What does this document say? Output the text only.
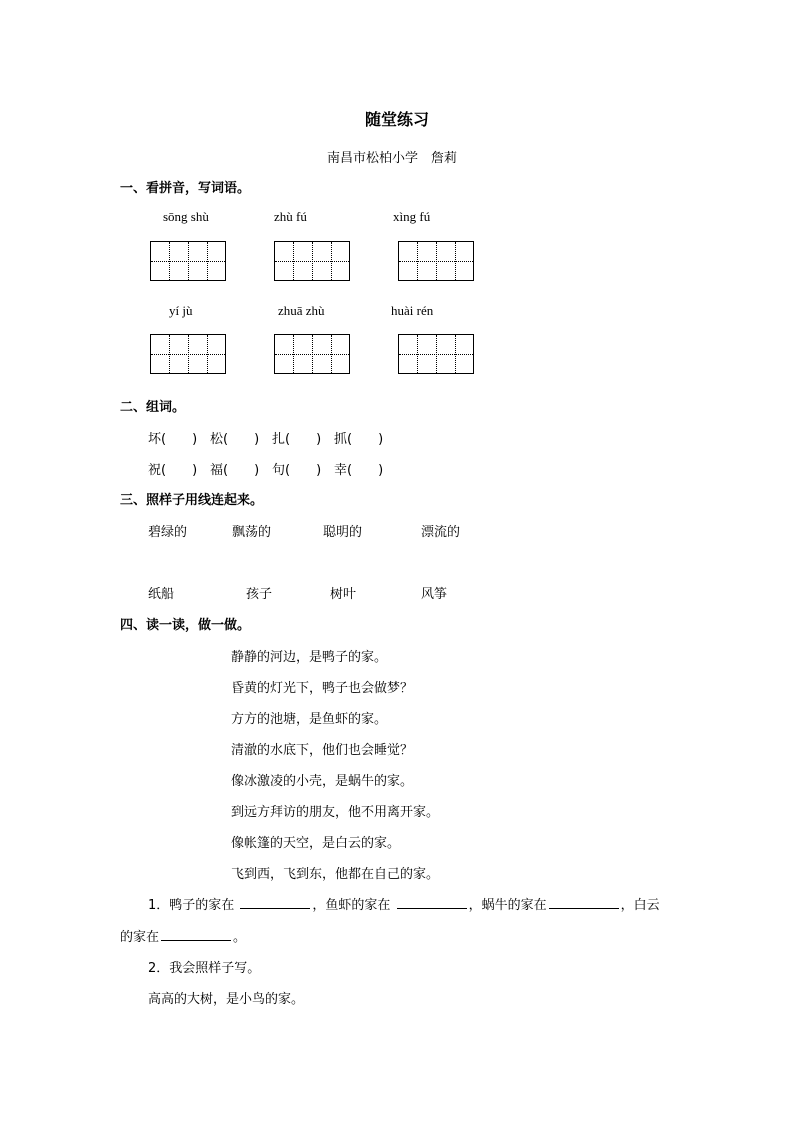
随堂练习
南昌市松柏小学　詹莉
一、看拼音，写词语。
sōng shù	zhù fú	xìng fú
yí jù	zhuā zhù	huài rén
二、组词。
坏(　　) 松(　　) 扎(　　) 抓(　　)
祝(　　) 福(　　) 句(　　) 幸(　　)
三、照样子用线连起来。
碧绿的	飘荡的	聪明的	漂流的
纸船	孩子	树叶	风筝
四、读一读，做一做。
静静的河边，是鸭子的家。
昏黄的灯光下，鸭子也会做梦？
方方的池塘，是鱼虾的家。
清澈的水底下，他们也会睡觉？
像冰激凌的小壳，是蜗牛的家。
到远方拜访的朋友，他不用离开家。
像帐篷的天空，是白云的家。
飞到西，飞到东，他都在自己的家。
1．鸭子的家在	，鱼虾的家在	，蜗牛的家在	，白云
的家在	。
2．我会照样子写。
高高的大树，是小鸟的家。
